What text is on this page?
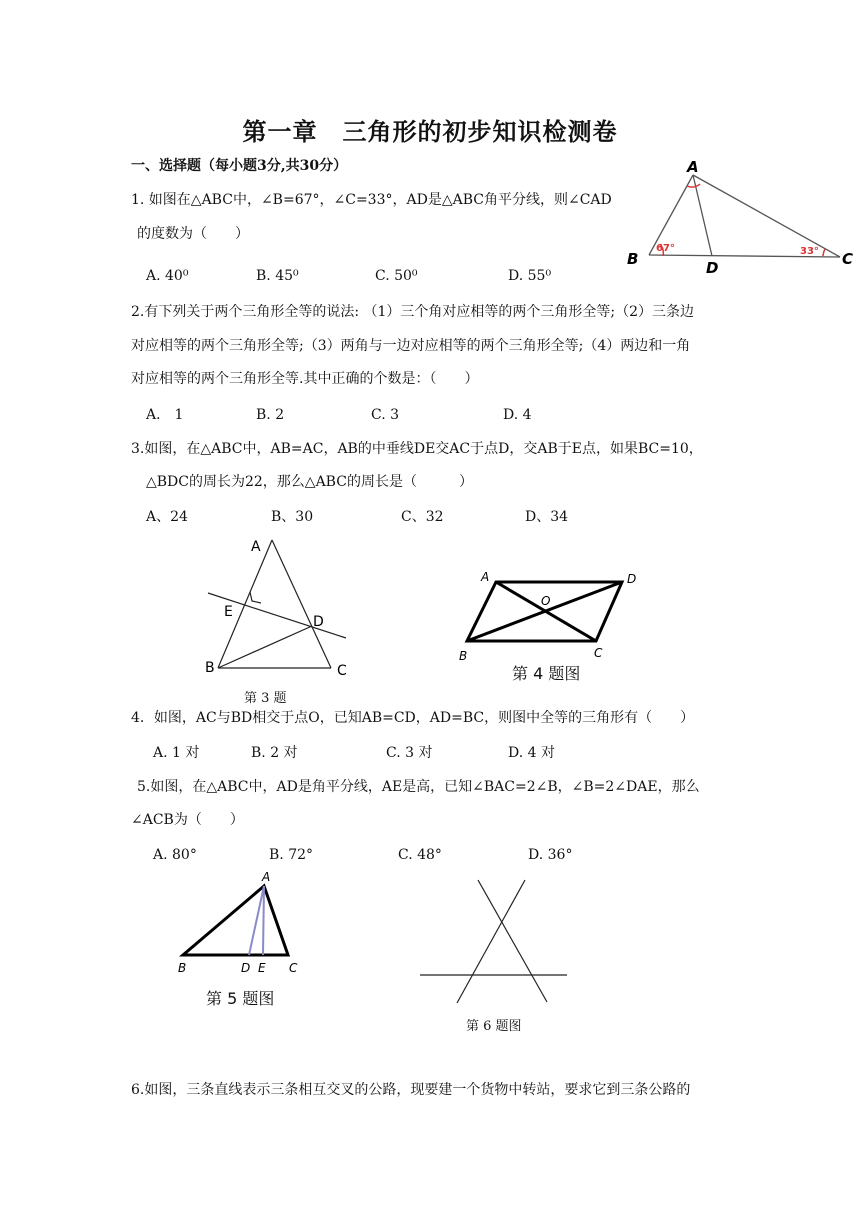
第一章　三角形的初步知识检测卷
一、选择题（每小题3分,共30分）
1. 如图在△ABC中，∠B=67°，∠C=33°，AD是△ABC角平分线，则∠CAD
的度数为（　　）
A. 40⁰	B. 45⁰	C. 50⁰	D. 55⁰
A
B	D	C
67°	33°
2.有下列关于两个三角形全等的说法: （1）三个角对应相等的两个三角形全等;（2）三条边
对应相等的两个三角形全等;（3）两角与一边对应相等的两个三角形全等;（4）两边和一角
对应相等的两个三角形全等.其中正确的个数是：（　　）
A． 1	B. 2	C. 3	D. 4
3.如图，在△ABC中，AB=AC，AB的中垂线DE交AC于点D，交AB于E点，如果BC=10，
△BDC的周长为22，那么△ABC的周长是（　　　）
A、24	B、30	C、32	D、34
A
E
D
B	C
第 3 题
A	D
O
B	C
第 4 题图
4．如图，AC与BD相交于点O，已知AB=CD，AD=BC，则图中全等的三角形有（　　）
A. 1 对	B. 2 对	C. 3 对	D. 4 对
5.如图，在△ABC中，AD是角平分线，AE是高，已知∠BAC=2∠B，∠B=2∠DAE，那么
∠ACB为（　　）
A. 80°	B. 72°	C. 48°	D. 36°
A
B	D E C
第 5 题图
第 6 题图
6.如图，三条直线表示三条相互交叉的公路，现要建一个货物中转站，要求它到三条公路的
